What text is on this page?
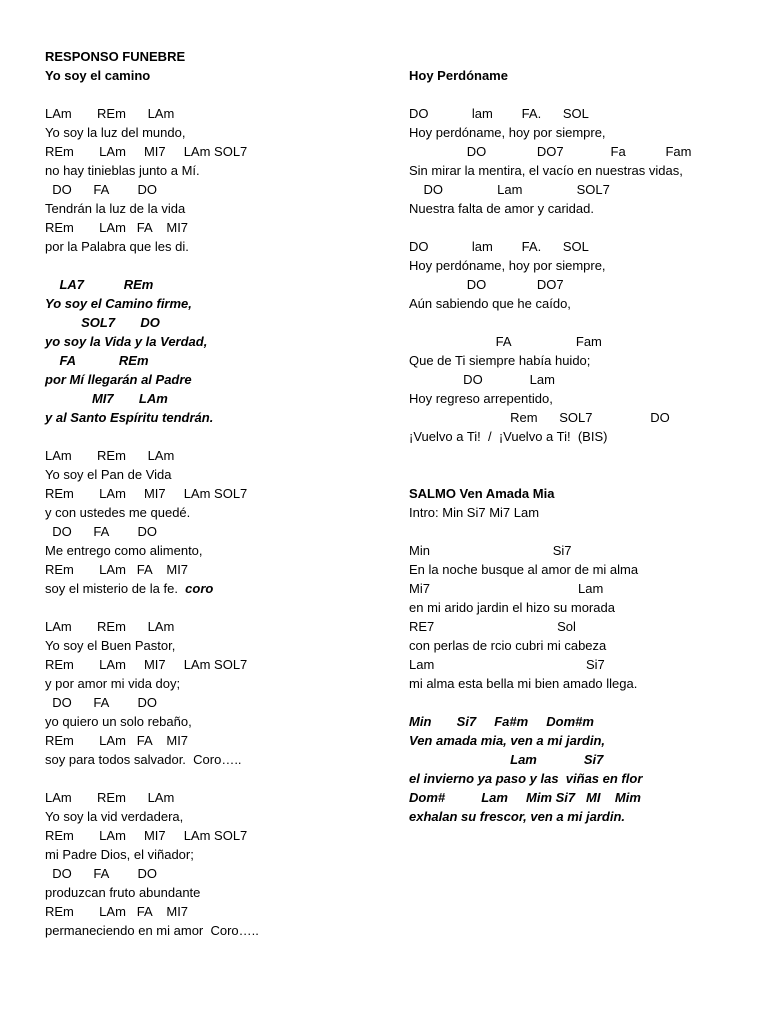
RESPONSO FUNEBRE
Yo soy el camino
LAm       REm      LAm
Yo soy la luz del mundo,
REm       LAm     MI7     LAm SOL7
no hay tinieblas junto a Mí.
DO      FA        DO
Tendrán la luz de la vida
REm       LAm   FA    MI7
por la Palabra que les di.
LA7           REm
Yo soy el Camino firme,
SOL7       DO
yo soy la Vida y la Verdad,
FA            REm
por Mí llegarán al Padre
MI7       LAm
y al Santo Espíritu tendrán.
LAm       REm      LAm
Yo soy el Pan de Vida
REm       LAm     MI7     LAm SOL7
y con ustedes me quedé.
DO      FA        DO
Me entrego como alimento,
REm       LAm   FA    MI7
soy el misterio de la fe.  coro
LAm       REm      LAm
Yo soy el Buen Pastor,
REm       LAm     MI7     LAm SOL7
y por amor mi vida doy;
DO      FA        DO
yo quiero un solo rebaño,
REm       LAm   FA    MI7
soy para todos salvador.  Coro…..
LAm       REm      LAm
Yo soy la vid verdadera,
REm       LAm     MI7     LAm SOL7
mi Padre Dios, el viñador;
DO      FA        DO
produzcan fruto abundante
REm       LAm   FA    MI7
permaneciendo en mi amor  Coro…..
Hoy Perdóname
DO            lam        FA.      SOL
Hoy perdóname, hoy por siempre,
DO              DO7             Fa           Fam
Sin mirar la mentira, el vacío en nuestras vidas,
DO               Lam               SOL7
Nuestra falta de amor y caridad.
DO            lam        FA.      SOL
Hoy perdóname, hoy por siempre,
DO              DO7
Aún sabiendo que he caído,
FA                  Fam
Que de Ti siempre había huido;
DO             Lam
Hoy regreso arrepentido,
Rem      SOL7                DO
¡Vuelvo a Ti!  /  ¡Vuelvo a Ti!  (BIS)
SALMO Ven Amada Mia
Intro: Min Si7 Mi7 Lam
Min                                  Si7
En la noche busque al amor de mi alma
Mi7                                         Lam
en mi arido jardin el hizo su morada
RE7                                  Sol
con perlas de rcio cubri mi cabeza
Lam                                          Si7
mi alma esta bella mi bien amado llega.
Min       Si7     Fa#m     Dom#m
Ven amada mia, ven a mi jardin,
Lam             Si7
el invierno ya paso y las  viñas en flor
Dom#          Lam     Mim Si7   MI    Mim
exhalan su frescor, ven a mi jardin.
